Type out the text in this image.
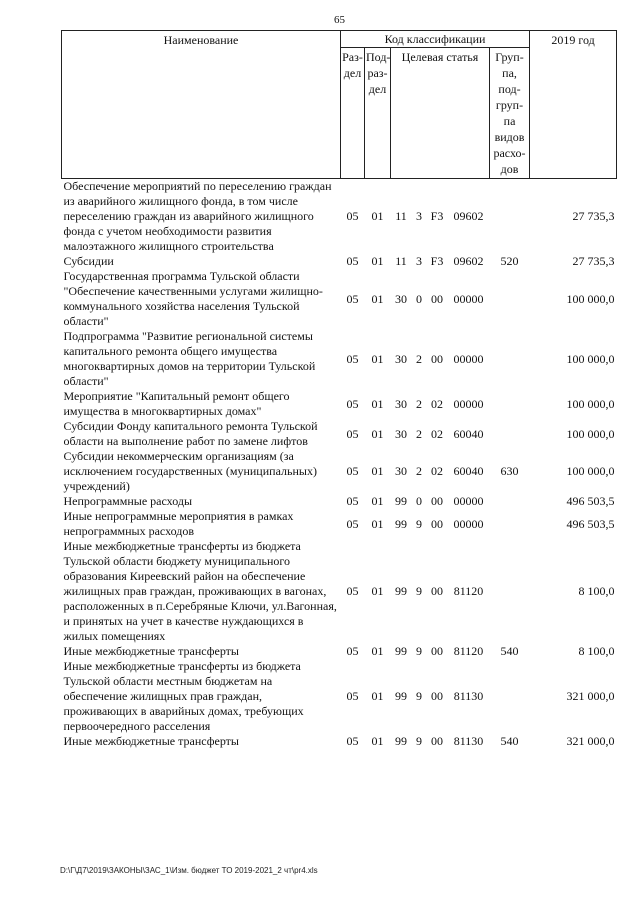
65
Наименование	Код классификации							2019 год
	Раз-дел	Под-раз-дел	Целевая статья				Груп-па, под-груп-па видов расхо-дов	
Обеспечение мероприятий по переселению граждан из аварийного жилищного фонда, в том числе переселению граждан из аварийного жилищного фонда с учетом необходимости развития малоэтажного жилищного строительства	05	01	11	3	F3	09602		27 735,3
Субсидии	05	01	11	3	F3	09602	520	27 735,3
Государственная программа Тульской области "Обеспечение качественными услугами жилищно-коммунального хозяйства населения Тульской области"	05	01	30	0	00	00000		100 000,0
Подпрограмма "Развитие региональной системы капитального ремонта общего имущества многоквартирных домов на территории Тульской области"	05	01	30	2	00	00000		100 000,0
Мероприятие "Капитальный ремонт общего имущества в многоквартирных домах"	05	01	30	2	02	00000		100 000,0
Субсидии Фонду капитального ремонта Тульской области на выполнение работ по замене лифтов	05	01	30	2	02	60040		100 000,0
Субсидии некоммерческим организациям (за исключением государственных (муниципальных) учреждений)	05	01	30	2	02	60040	630	100 000,0
Непрограммные расходы	05	01	99	0	00	00000		496 503,5
Иные непрограммные мероприятия в рамках непрограммных расходов	05	01	99	9	00	00000		496 503,5
Иные межбюджетные трансферты из бюджета Тульской области бюджету муниципального образования Киреевский район на обеспечение жилищных прав граждан, проживающих в вагонах, расположенных в п.Серебряные Ключи, ул.Вагонная, и принятых на учет в качестве нуждающихся в жилых помещениях	05	01	99	9	00	81120		8 100,0
Иные межбюджетные трансферты	05	01	99	9	00	81120	540	8 100,0
Иные межбюджетные трансферты из бюджета Тульской области местным бюджетам на обеспечение жилищных прав граждан, проживающих в аварийных домах, требующих первоочередного расселения	05	01	99	9	00	81130		321 000,0
Иные межбюджетные трансферты	05	01	99	9	00	81130	540	321 000,0
D:\Г\Д7\2019\ЗАКОНЫ\ЗАС_1\Изм. бюджет ТО 2019-2021_2 чт\pr4.xls
